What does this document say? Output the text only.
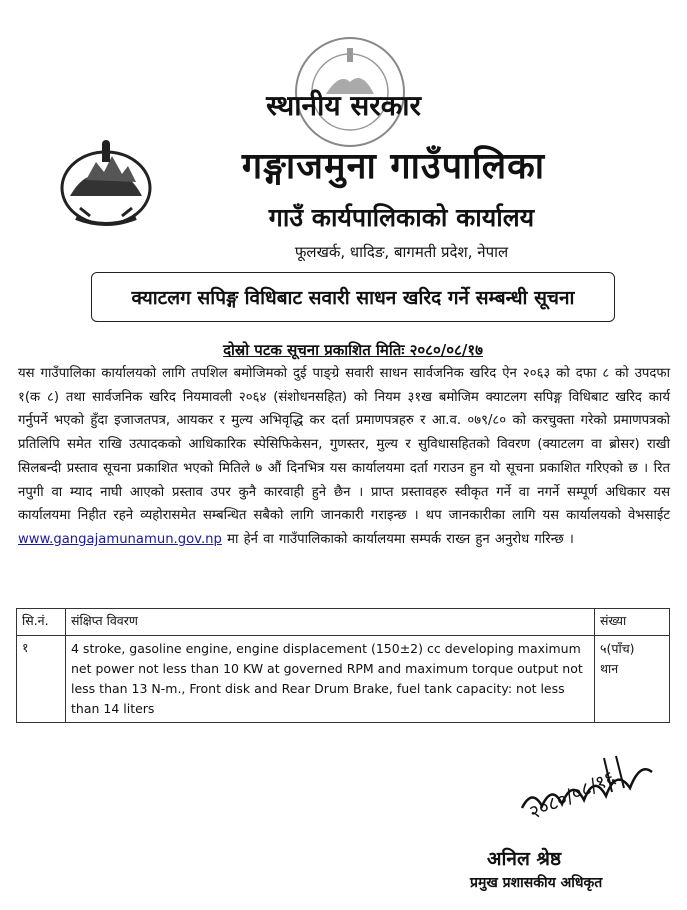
स्थानीय सरकार
गङ्गाजमुना गाउँपालिका
गाउँ कार्यपालिकाको कार्यालय
फूलखर्क, धादिङ, बागमती प्रदेश, नेपाल
क्याटलग सपिङ्ग विधिबाट सवारी साधन खरिद गर्ने सम्बन्धी सूचना
दोस्रो पटक सूचना प्रकाशित मितिः २०८०/०८/१७
यस गाउँपालिका कार्यालयको लागि तपशिल बमोजिमको दुई पाङ्ग्रे सवारी साधन सार्वजनिक खरिद ऐन २०६३ को दफा ८ को उपदफा १(क ८) तथा सार्वजनिक खरिद नियमावली २०६४ (संशोधनसहित) को नियम ३१ख बमोजिम क्याटलग सपिङ्ग विधिबाट खरिद कार्य गर्नुपर्ने भएको हुँदा इजाजतपत्र, आयकर र मुल्य अभिवृद्धि कर दर्ता प्रमाणपत्रहरु र आ.व. ०७९/८० को करचुक्ता गरेको प्रमाणपत्रको प्रतिलिपि समेत राखि उत्पादकको आधिकारिक स्पेसिफिकेसन, गुणस्तर, मुल्य र सुविधासहितको विवरण (क्याटलग वा ब्रोसर) राखी सिलबन्दी प्रस्ताव सूचना प्रकाशित भएको मितिले ७ औं दिनभित्र यस कार्यालयमा दर्ता गराउन हुन यो सूचना प्रकाशित गरिएको छ । रित नपुगी वा म्याद नाघी आएको प्रस्ताव उपर कुनै कारवाही हुने छैन । प्राप्त प्रस्तावहरु स्वीकृत गर्ने वा नगर्ने सम्पूर्ण अधिकार यस कार्यालयमा निहीत रहने व्यहोरासमेत सम्बन्धित सबैको लागि जानकारी गराइन्छ । थप जानकारीका लागि यस कार्यालयको वेभसाईट www.gangajamunamun.gov.np मा हेर्न वा गाउँपालिकाको कार्यालयमा सम्पर्क राख्न हुन अनुरोध गरिन्छ ।
सि.नं.	संक्षिप्त विवरण	संख्या
१	4 stroke, gasoline engine, engine displacement (150±2) cc developing maximum net power not less than 10 KW at governed RPM and maximum torque output not less than 13 N-m., Front disk and Rear Drum Brake, fuel tank capacity: not less than 14 liters	५(पाँच)
थान
२०८०/०८/१६
अनिल श्रेष्ठ
प्रमुख प्रशासकीय अधिकृत
